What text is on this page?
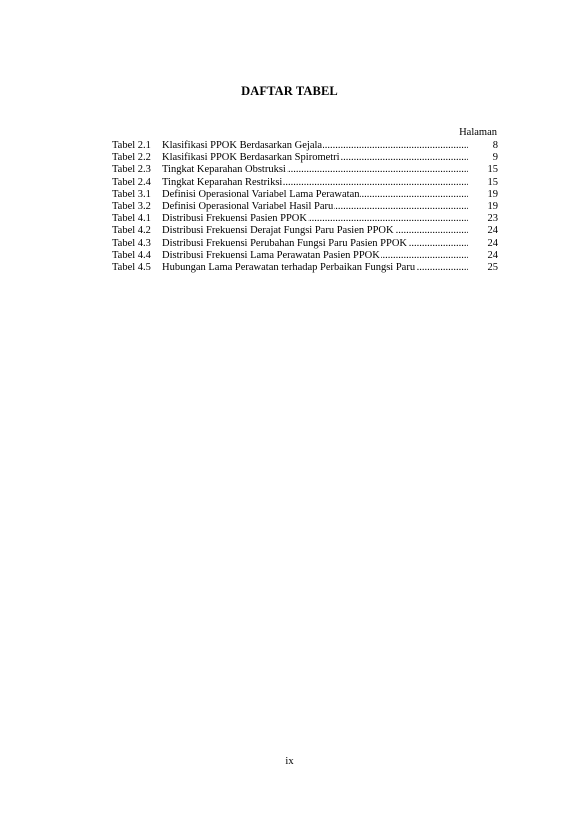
DAFTAR TABEL
Halaman
Tabel 2.1	Klasifikasi PPOK Berdasarkan Gejala .....	8
Tabel 2.2	Klasifikasi PPOK Berdasarkan Spirometri .....	9
Tabel 2.3	Tingkat Keparahan Obstruksi .....	15
Tabel 2.4	Tingkat Keparahan Restriksi .....	15
Tabel 3.1	Definisi Operasional Variabel Lama Perawatan .....	19
Tabel 3.2	Definisi Operasional Variabel Hasil Paru .....	19
Tabel 4.1	Distribusi Frekuensi Pasien PPOK .....	23
Tabel 4.2	Distribusi Frekuensi Derajat Fungsi Paru Pasien PPOK .....	24
Tabel 4.3	Distribusi Frekuensi Perubahan Fungsi Paru Pasien PPOK .....	24
Tabel 4.4	Distribusi Frekuensi Lama Perawatan Pasien PPOK .....	24
Tabel 4.5	Hubungan Lama Perawatan terhadap Perbaikan Fungsi Paru .....	25
ix
